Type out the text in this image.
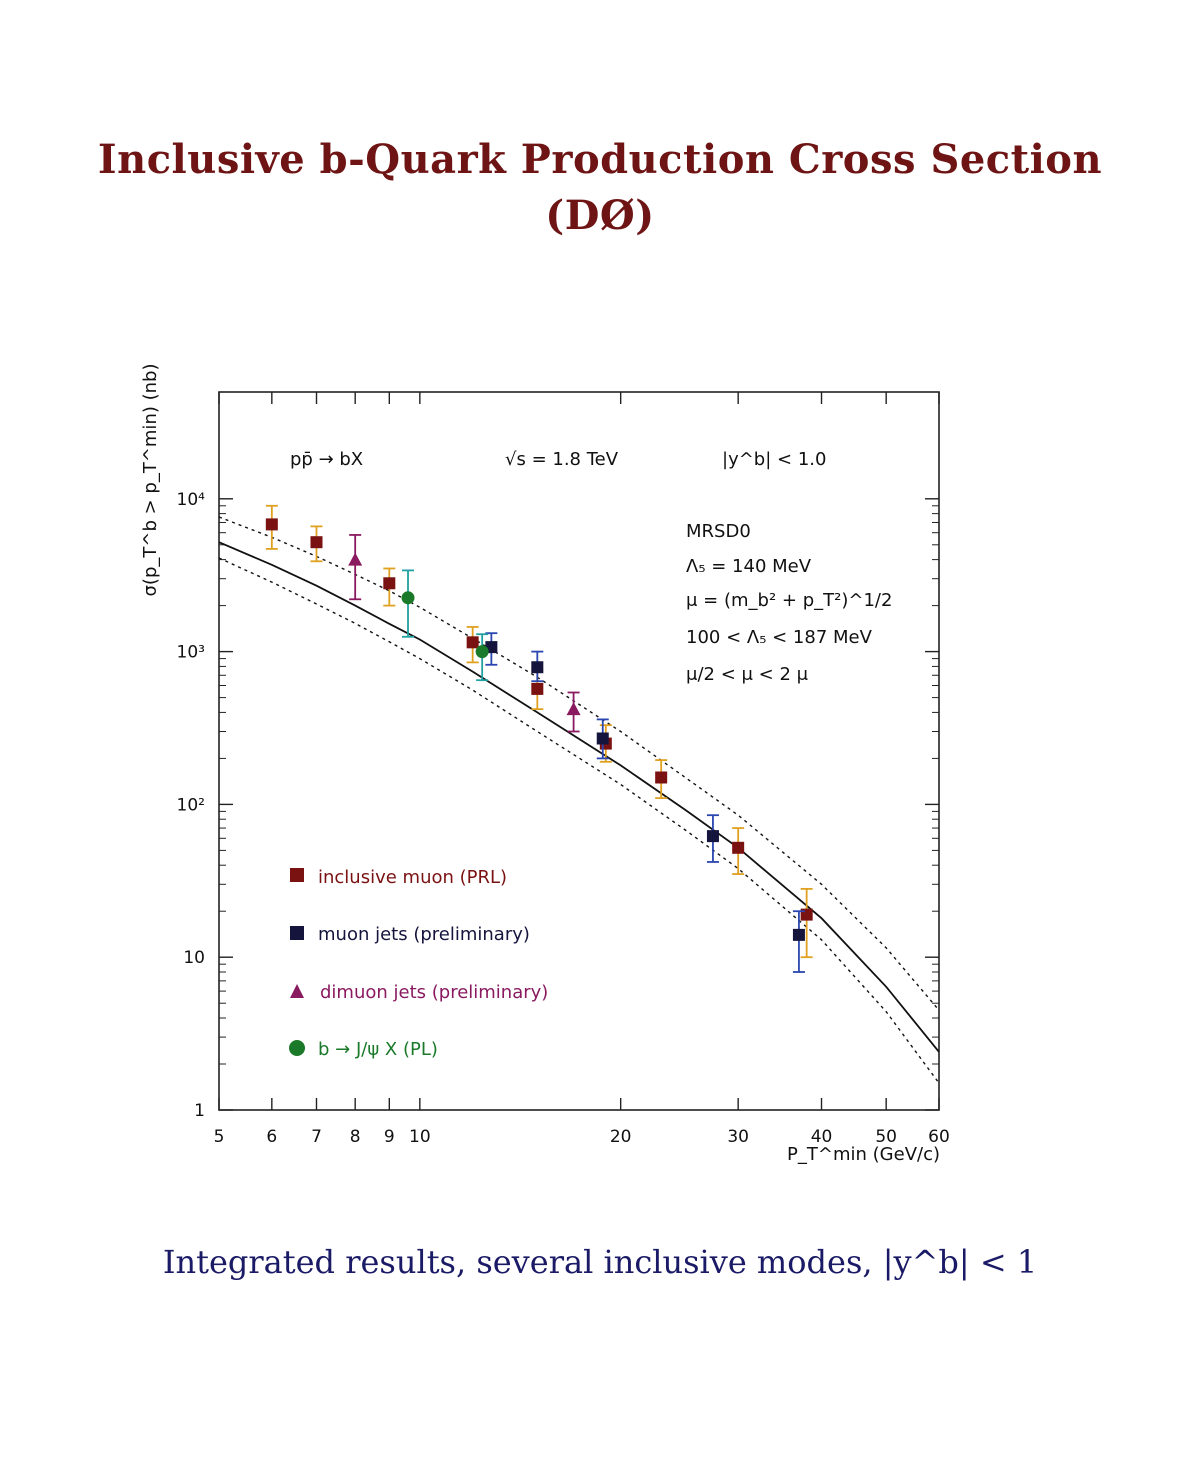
Inclusive b-Quark Production Cross Section
(DØ)
5 6 7 8 9 10	20	30	40	50 60
1
10
10²
10³
10⁴
pp̄ → bX	√s = 1.8 TeV	|y^b| < 1.0
MRSD0
Λ₅ = 140 MeV
μ = (m_b² + p_T²)^1/2
100 < Λ₅ < 187 MeV
μ/2 < μ < 2 μ
inclusive muon (PRL)
muon jets (preliminary)
dimuon jets (preliminary)
b → J/ψ X (PL)
P_T^min (GeV/c)
σ(p_T^b > p_T^min) (nb)
Integrated results, several inclusive modes, |y^b| < 1
